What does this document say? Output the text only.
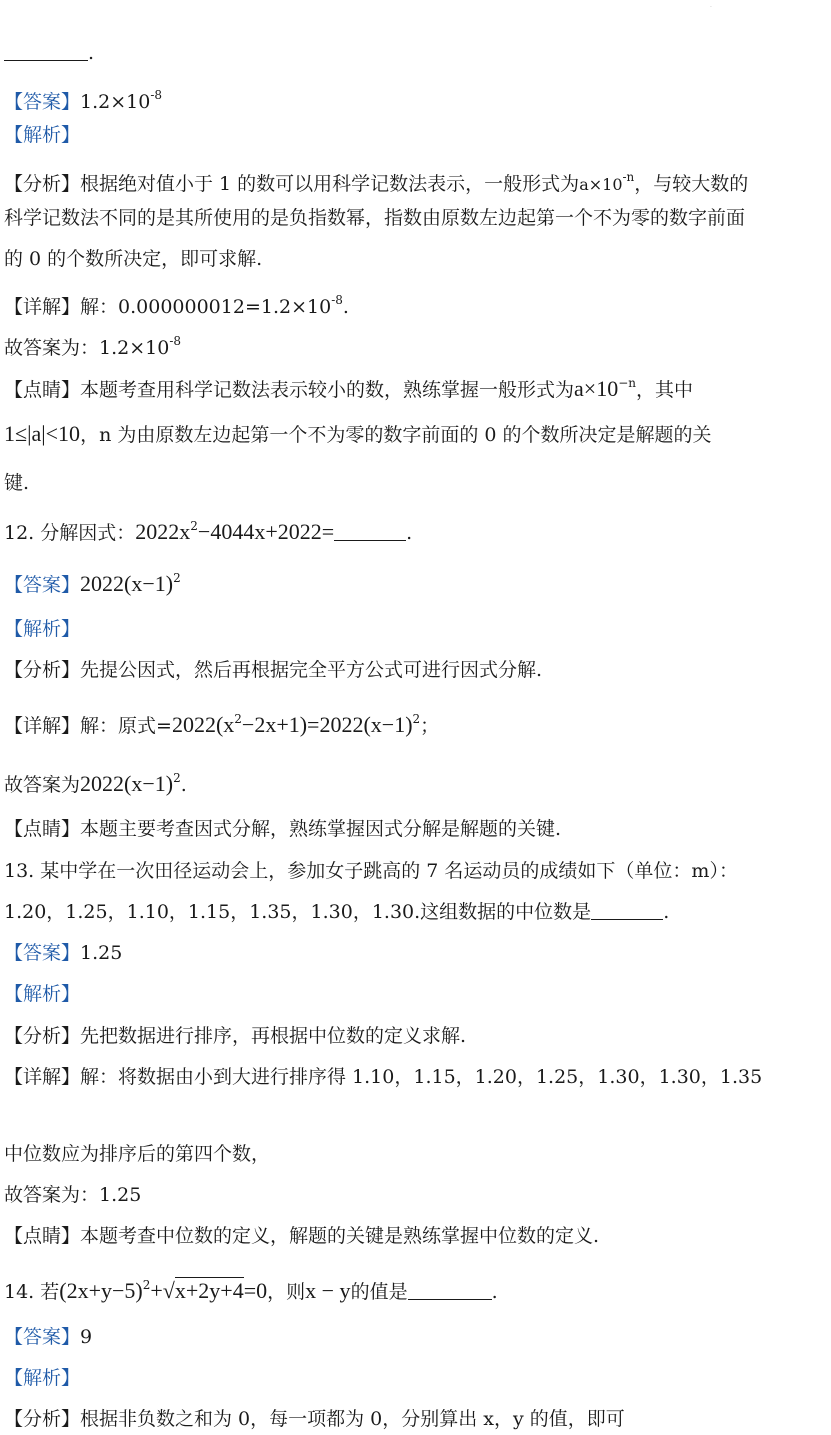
·
.
【答案】$1.2\times 10^{-8}$
【解析】
【分析】根据绝对值小于 1 的数可以用科学记数法表示，一般形式为$a\times 10^{-n}$，与较大数的
科学记数法不同的是其所使用的是负指数幂，指数由原数左边起第一个不为零的数字前面
的 0 的个数所决定，即可求解.
【详解】解：$0.000000012=1.2\times 10^{-8}$.
故答案为：$1.2\times 10^{-8}$
【点睛】本题考查用科学记数法表示较小的数，熟练掌握一般形式为$a\times 10^{-n}$，其中
1≤|a|<10，n 为由原数左边起第一个不为零的数字前面的 0 的个数所决定是解题的关
键.
12. 分解因式：$2022x^2-4044x+2022=$	.
【答案】$2022(x-1)^2$
【解析】
【分析】先提公因式，然后再根据完全平方公式可进行因式分解.
【详解】解：原式$=2022(x^2-2x+1)=2022(x-1)^2$；
故答案为$2022(x-1)^2$.
【点睛】本题主要考查因式分解，熟练掌握因式分解是解题的关键.
13. 某中学在一次田径运动会上，参加女子跳高的 7 名运动员的成绩如下（单位：m）：
1.20，1.25，1.10，1.15，1.35，1.30，1.30.这组数据的中位数是	.
【答案】1.25
【解析】
【分析】先把数据进行排序，再根据中位数的定义求解.
【详解】解：将数据由小到大进行排序得 1.10，1.15，1.20，1.25，1.30，1.30，1.35
中位数应为排序后的第四个数，
故答案为：1.25
【点睛】本题考查中位数的定义，解题的关键是熟练掌握中位数的定义.
14. 若$(2x+y-5)^2+√x+2y+4=0$，则x − y的值是	.
【答案】9
【解析】
【分析】根据非负数之和为 0，每一项都为 0，分别算出 x，y 的值，即可
